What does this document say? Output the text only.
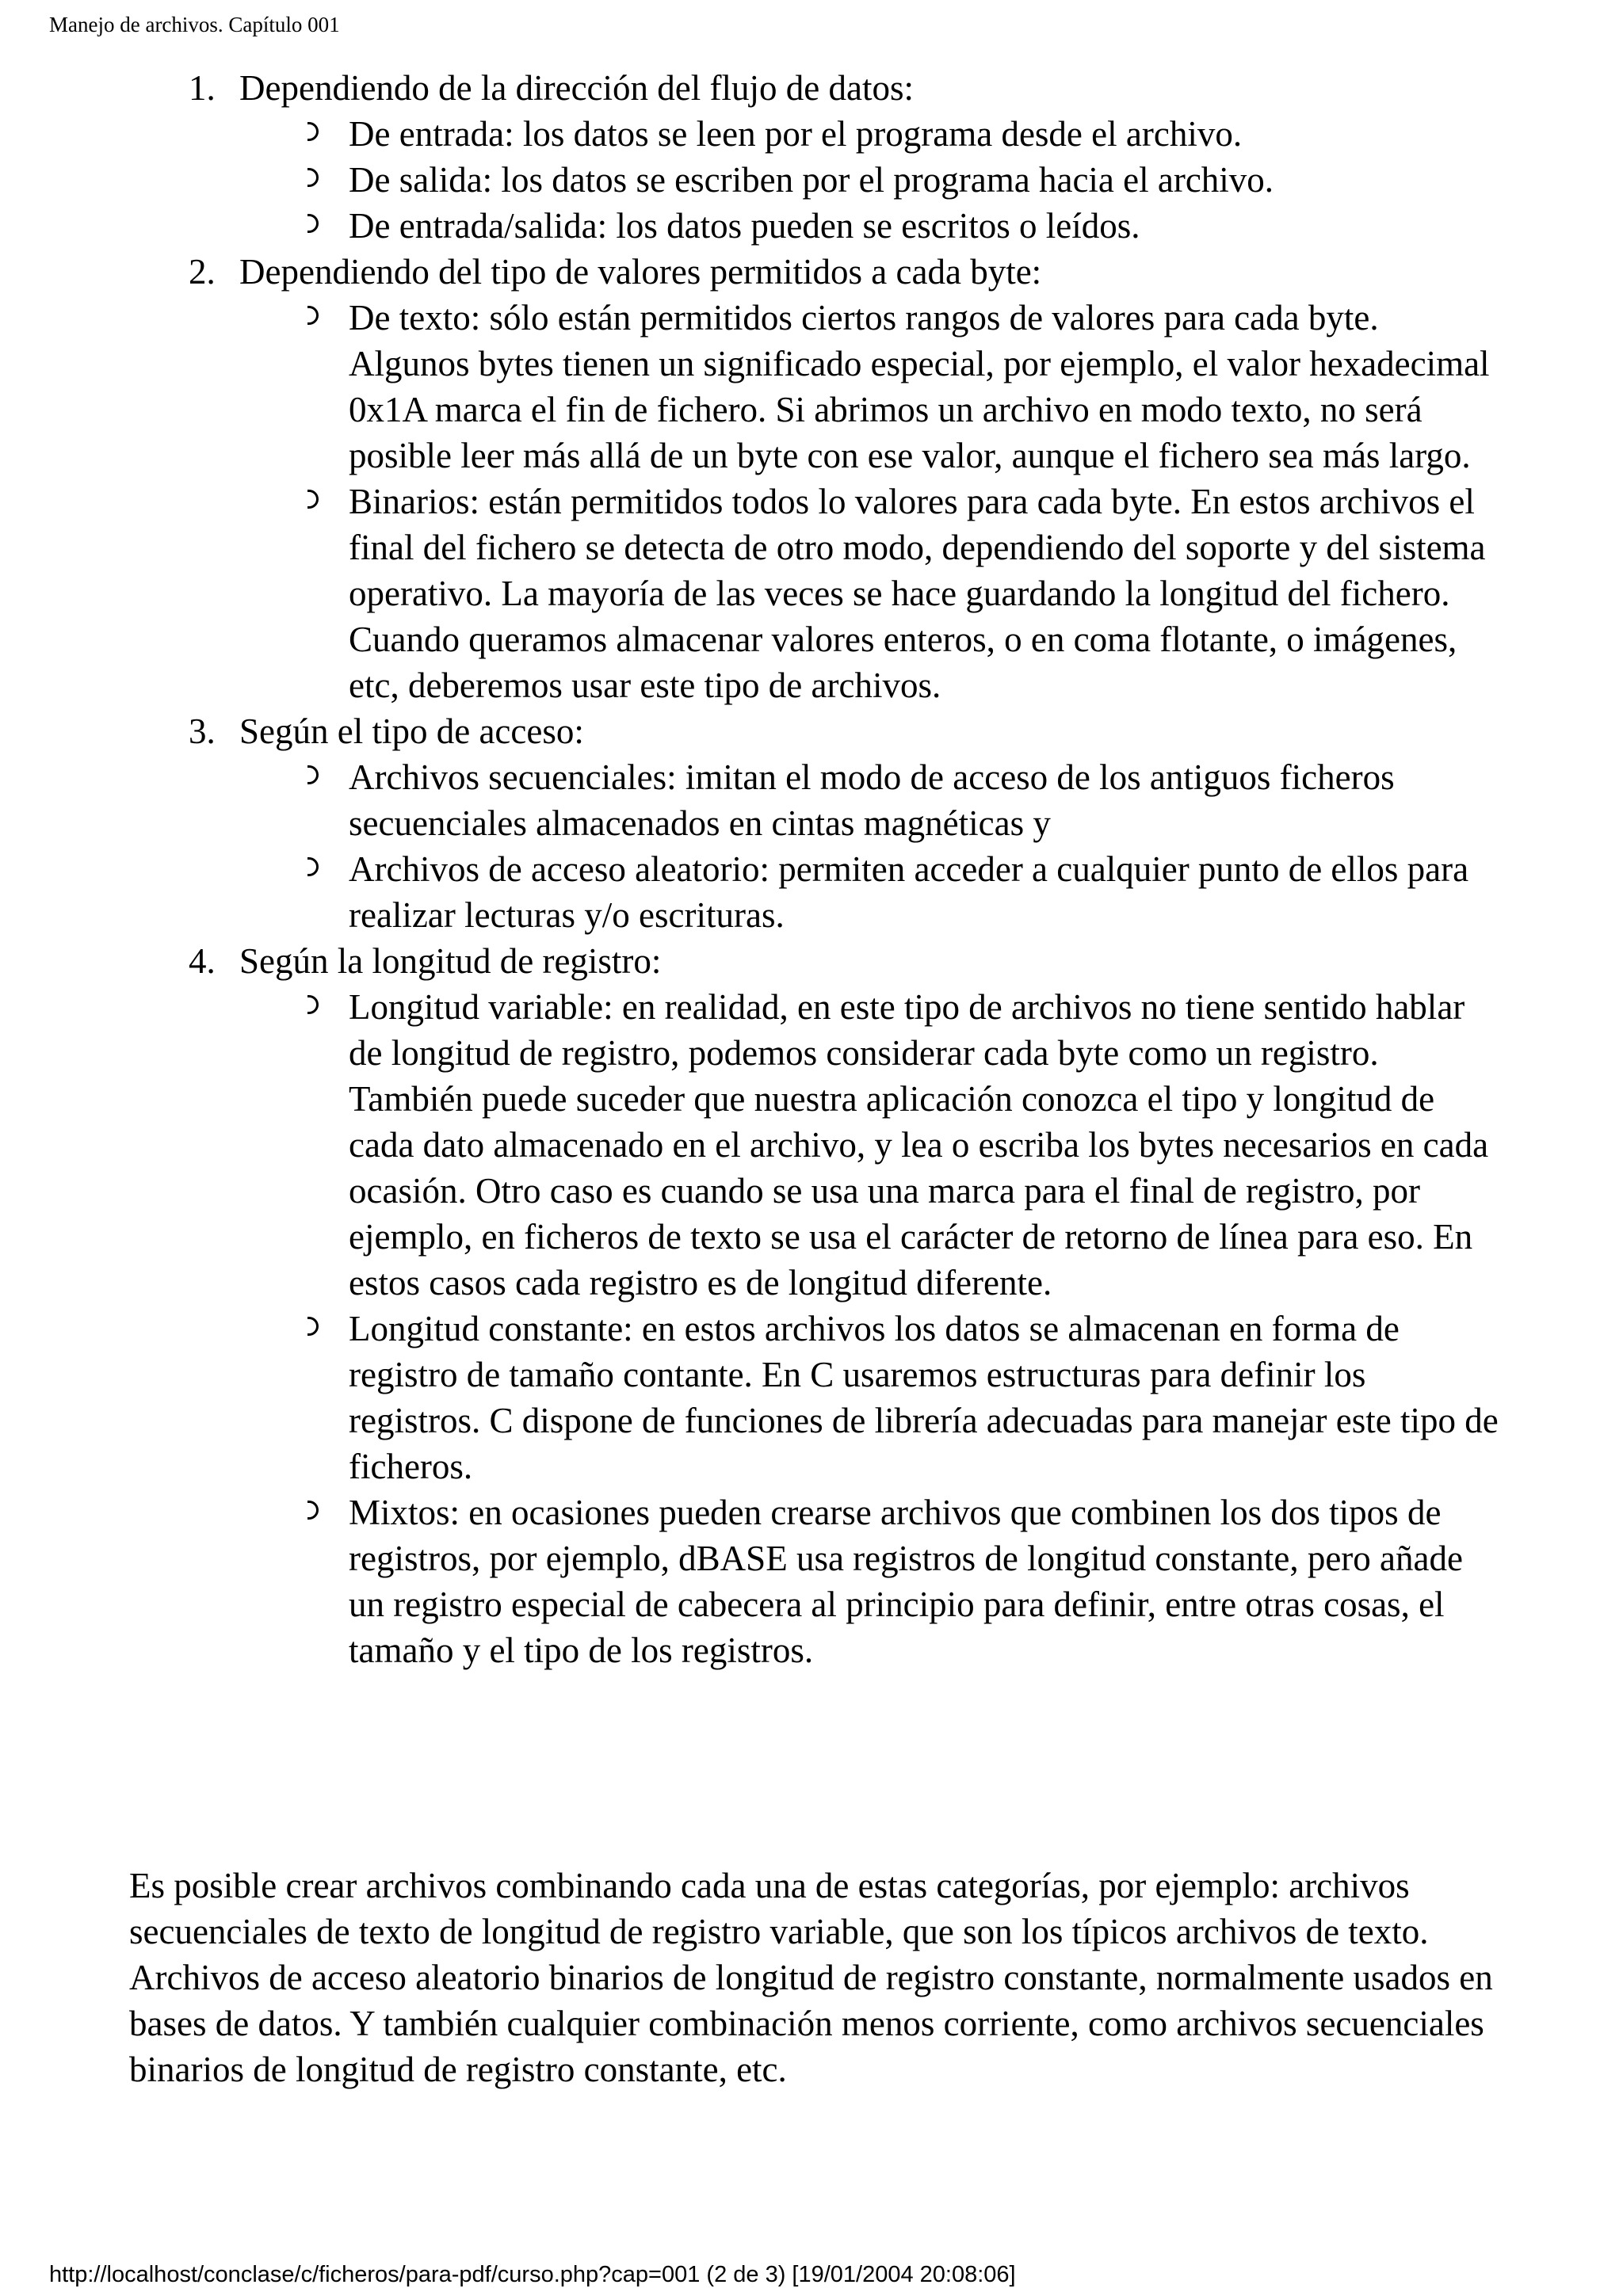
Manejo de archivos. Capítulo 001
1. Dependiendo de la dirección del flujo de datos:
De entrada: los datos se leen por el programa desde el archivo.
De salida: los datos se escriben por el programa hacia el archivo.
De entrada/salida: los datos pueden se escritos o leídos.
2. Dependiendo del tipo de valores permitidos a cada byte:
De texto: sólo están permitidos ciertos rangos de valores para cada byte. Algunos bytes tienen un significado especial, por ejemplo, el valor hexadecimal 0x1A marca el fin de fichero. Si abrimos un archivo en modo texto, no será posible leer más allá de un byte con ese valor, aunque el fichero sea más largo.
Binarios: están permitidos todos lo valores para cada byte. En estos archivos el final del fichero se detecta de otro modo, dependiendo del soporte y del sistema operativo. La mayoría de las veces se hace guardando la longitud del fichero. Cuando queramos almacenar valores enteros, o en coma flotante, o imágenes, etc, deberemos usar este tipo de archivos.
3. Según el tipo de acceso:
Archivos secuenciales: imitan el modo de acceso de los antiguos ficheros secuenciales almacenados en cintas magnéticas y
Archivos de acceso aleatorio: permiten acceder a cualquier punto de ellos para realizar lecturas y/o escrituras.
4. Según la longitud de registro:
Longitud variable: en realidad, en este tipo de archivos no tiene sentido hablar de longitud de registro, podemos considerar cada byte como un registro. También puede suceder que nuestra aplicación conozca el tipo y longitud de cada dato almacenado en el archivo, y lea o escriba los bytes necesarios en cada ocasión. Otro caso es cuando se usa una marca para el final de registro, por ejemplo, en ficheros de texto se usa el carácter de retorno de línea para eso. En estos casos cada registro es de longitud diferente.
Longitud constante: en estos archivos los datos se almacenan en forma de registro de tamaño contante. En C usaremos estructuras para definir los registros. C dispone de funciones de librería adecuadas para manejar este tipo de ficheros.
Mixtos: en ocasiones pueden crearse archivos que combinen los dos tipos de registros, por ejemplo, dBASE usa registros de longitud constante, pero añade un registro especial de cabecera al principio para definir, entre otras cosas, el tamaño y el tipo de los registros.
Es posible crear archivos combinando cada una de estas categorías, por ejemplo: archivos secuenciales de texto de longitud de registro variable, que son los típicos archivos de texto. Archivos de acceso aleatorio binarios de longitud de registro constante, normalmente usados en bases de datos. Y también cualquier combinación menos corriente, como archivos secuenciales binarios de longitud de registro constante, etc.
http://localhost/conclase/c/ficheros/para-pdf/curso.php?cap=001 (2 de 3) [19/01/2004 20:08:06]
